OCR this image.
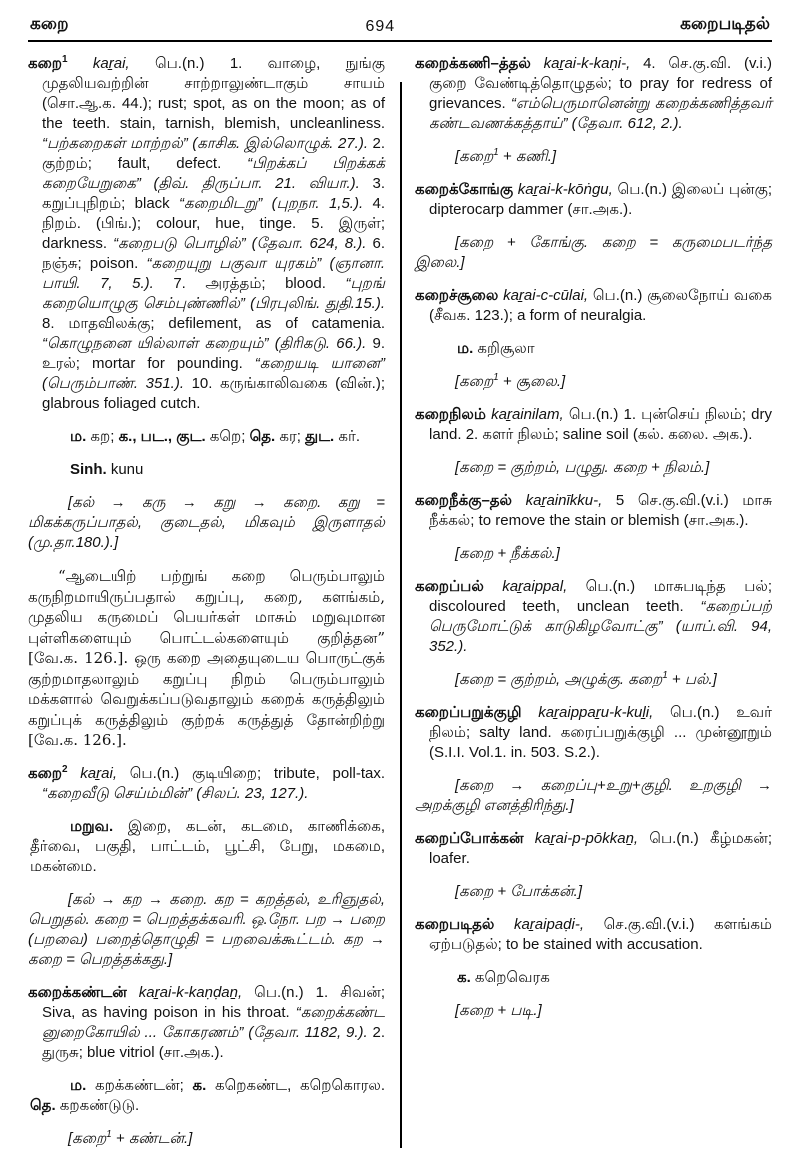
கறை	694	கறைபடிதல்

கறை$^1$ kaṟai, பெ.(n.) 1. வாழை, நுங்கு முதலியவற்றின் சாற்றாலுண்டாகும் சாயம் (சொ.ஆ.க. 44.); rust; spot, as on the moon; as of the teeth. stain, tarnish, blemish, uncleanliness. “பற்கறைகள் மாற்றல்” (காசிக. இல்லொழுக். 27.). 2. குற்றம்; fault, defect. “பிறக்கப் பிறக்கக் கறையேறுகை” (திவ். திருப்பா. 21. வியா.). 3. கறுப்புநிறம்; black “கறைமிடறு” (புறநா. 1,5.). 4. நிறம். (பிங்.); colour, hue, tinge. 5. இருள்; darkness. “கறைபடு பொழில்” (தேவா. 624, 8.). 6. நஞ்சு; poison. “கறையுறு பகுவா யுரகம்” (ஞானா. பாயி. 7, 5.). 7. அரத்தம்; blood. “புறங் கறையொழுகு செம்புண்ணில்” (பிரபுலிங். துதி.15.). 8. மாதவிலக்கு; defilement, as of catamenia. “கொழுநனை யில்லாள் கறையும்” (திரிகடு. 66.). 9. உரல்; mortar for pounding. “கறையடி யானை” (பெரும்பாண். 351.). 10. கருங்காலிவகை (வின்.); glabrous foliaged cutch.

ம. கற; க., பட., குட. கறெ; தெ. கர; துட. கர்.

Sinh. kunu

[கல் → கரு → கறு → கறை. கறு = மிகக்கருப்பாதல், குடைதல், மிகவும் இருளாதல் (மு.தா.180.).]

“ஆடையிற் பற்றுங் கறை பெரும்பாலும் கருநிறமாயிருப்பதால் கறுப்பு, கறை, களங்கம், முதலிய கருமைப் பெயர்கள் மாசும் மறுவுமான புள்ளிகளையும் பொட்டல்களையும் குறித்தன” [வே.க. 126.]. ஒரு கறை அதையுடைய பொருட்குக் குற்றமாதலாலும் கறுப்பு நிறம் பெரும்பாலும் மக்களால் வெறுக்கப்படுவதாலும் கறைக் கருத்திலும் கறுப்புக் கருத்திலும் குற்றக் கருத்துத் தோன்றிற்று [வே.க. 126.].

கறை$^2$ kaṟai, பெ.(n.) குடியிறை; tribute, poll-tax. “கறைவீடு செய்ம்மின்” (சிலப். 23, 127.).

மறுவ. இறை, கடன், கடமை, காணிக்கை, தீர்வை, பகுதி, பாட்டம், பூட்சி, பேறு, மகமை, மகன்மை.

[கல் → கற → கறை. கற = கறத்தல், உரிஞுதல், பெறுதல். கறை = பெறத்தக்கவரி. ஒ.நோ. பற → பறை (பறவை) பறைத்தொழுதி = பறவைக்கூட்டம். கற → கறை = பெறத்தக்கது.]

கறைக்கண்டன் kaṟai-k-kaṇḍaṉ, பெ.(n.) 1. சிவன்; Siva, as having poison in his throat. “கறைக்கண்ட னுறைகோயில் ... கோகரணம்” (தேவா. 1182, 9.). 2. துருசு; blue vitriol (சா.அக.).

ம. கறக்கண்டன்; க. கறெகண்ட, கறெகொரல. தெ. கறகண்டுடு.

[கறை$^1$ + கண்டன்.]

கறைக்கணி–த்தல் kaṟai-k-kaṇi-, 4. செ.கு.வி. (v.i.) குறை வேண்டித்தொழுதல்; to pray for redress of grievances. “எம்பெருமானென்று கறைக்கணித்தவர் கண்டவணக்கத்தாய்” (தேவா. 612, 2.).

[கறை$^1$ + கணி.]

கறைக்கோங்கு kaṟai-k-kōṅgu, பெ.(n.) இலைப் புன்கு; dipterocarp dammer (சா.அக.).

[கறை + கோங்கு. கறை = கருமைபடர்ந்த இலை.]

கறைச்சூலை kaṟai-c-cūlai, பெ.(n.) சூலைநோய் வகை (சீவக. 123.); a form of neuralgia.

ம. கறிசூலா

[கறை$^1$ + சூலை.]

கறைநிலம் kaṟainilam, பெ.(n.) 1. புன்செய் நிலம்; dry land. 2. களர் நிலம்; saline soil (கல். கலை. அக.).

[கறை = குற்றம், பழுது. கறை + நிலம்.]

கறைநீக்கு–தல் kaṟainīkku-, 5 செ.கு.வி.(v.i.) மாசு நீக்கல்; to remove the stain or blemish (சா.அக.).

[கறை + நீக்கல்.]

கறைப்பல் kaṟaippal, பெ.(n.) மாசுபடிந்த பல்; discoloured teeth, unclean teeth. “கறைப்பற் பெருமோட்டுக் காடுகிழவோட்கு” (யாப்.வி. 94, 352.).

[கறை = குற்றம், அழுக்கு. கறை$^1$ + பல்.]

கறைப்பறுக்குழி kaṟaippaṟu-k-kuḻi, பெ.(n.) உவர் நிலம்; salty land. கரைப்பறுக்குழி ... முன்னூறும் (S.I.I. Vol.1. in. 503. S.2.).

[கறை → கறைப்பு+உறு+குழி. உறகுழி → அறக்குழி எனத்திரிந்து.]

கறைப்போக்கன் kaṟai-p-pōkkaṉ, பெ.(n.) கீழ்மகன்; loafer.

[கறை + போக்கன்.]

கறைபடிதல் kaṟaipaḍi-, செ.கு.வி.(v.i.) களங்கம் ஏற்படுதல்; to be stained with accusation.

க. கறெவெரக

[கறை + படி.]
